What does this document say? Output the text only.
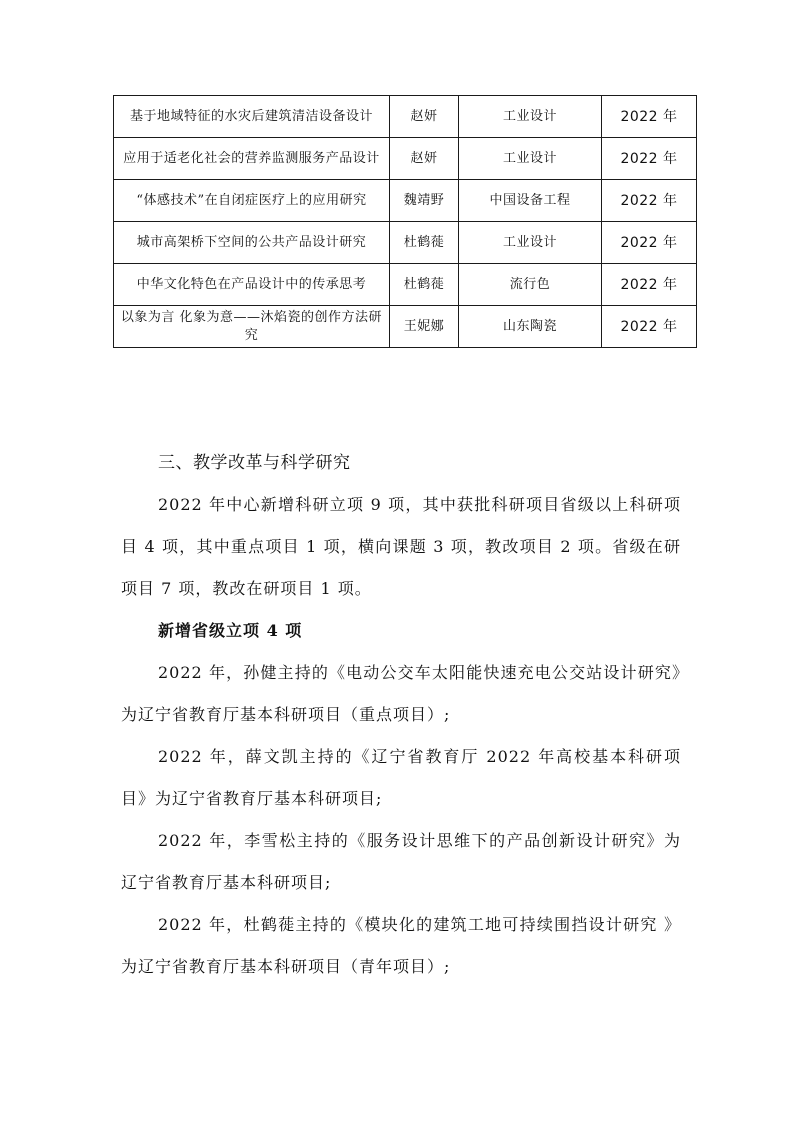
基于地域特征的水灾后建筑清洁设备设计	赵妍	工业设计	2022 年
应用于适老化社会的营养监测服务产品设计	赵妍	工业设计	2022 年
“体感技术”在自闭症医疗上的应用研究	魏靖野	中国设备工程	2022 年
城市高架桥下空间的公共产品设计研究	杜鹤蓰	工业设计	2022 年
中华文化特色在产品设计中的传承思考	杜鹤蓰	流行色	2022 年
以象为言 化象为意——沐焰瓷的创作方法研究	王妮娜	山东陶瓷	2022 年
三、教学改革与科学研究

2022 年中心新增科研立项 9 项，其中获批科研项目省级以上科研项目 4 项，其中重点项目 1 项，横向课题 3 项，教改项目 2 项。省级在研项目 7 项，教改在研项目 1 项。

新增省级立项 4 项

2022 年，孙健主持的《电动公交车太阳能快速充电公交站设计研究》为辽宁省教育厅基本科研项目（重点项目）;

2022 年，薛文凯主持的《辽宁省教育厅 2022 年高校基本科研项目》为辽宁省教育厅基本科研项目;

2022 年，李雪松主持的《服务设计思维下的产品创新设计研究》为辽宁省教育厅基本科研项目;

2022 年，杜鹤蓰主持的《模块化的建筑工地可持续围挡设计研究 》为辽宁省教育厅基本科研项目（青年项目）;
